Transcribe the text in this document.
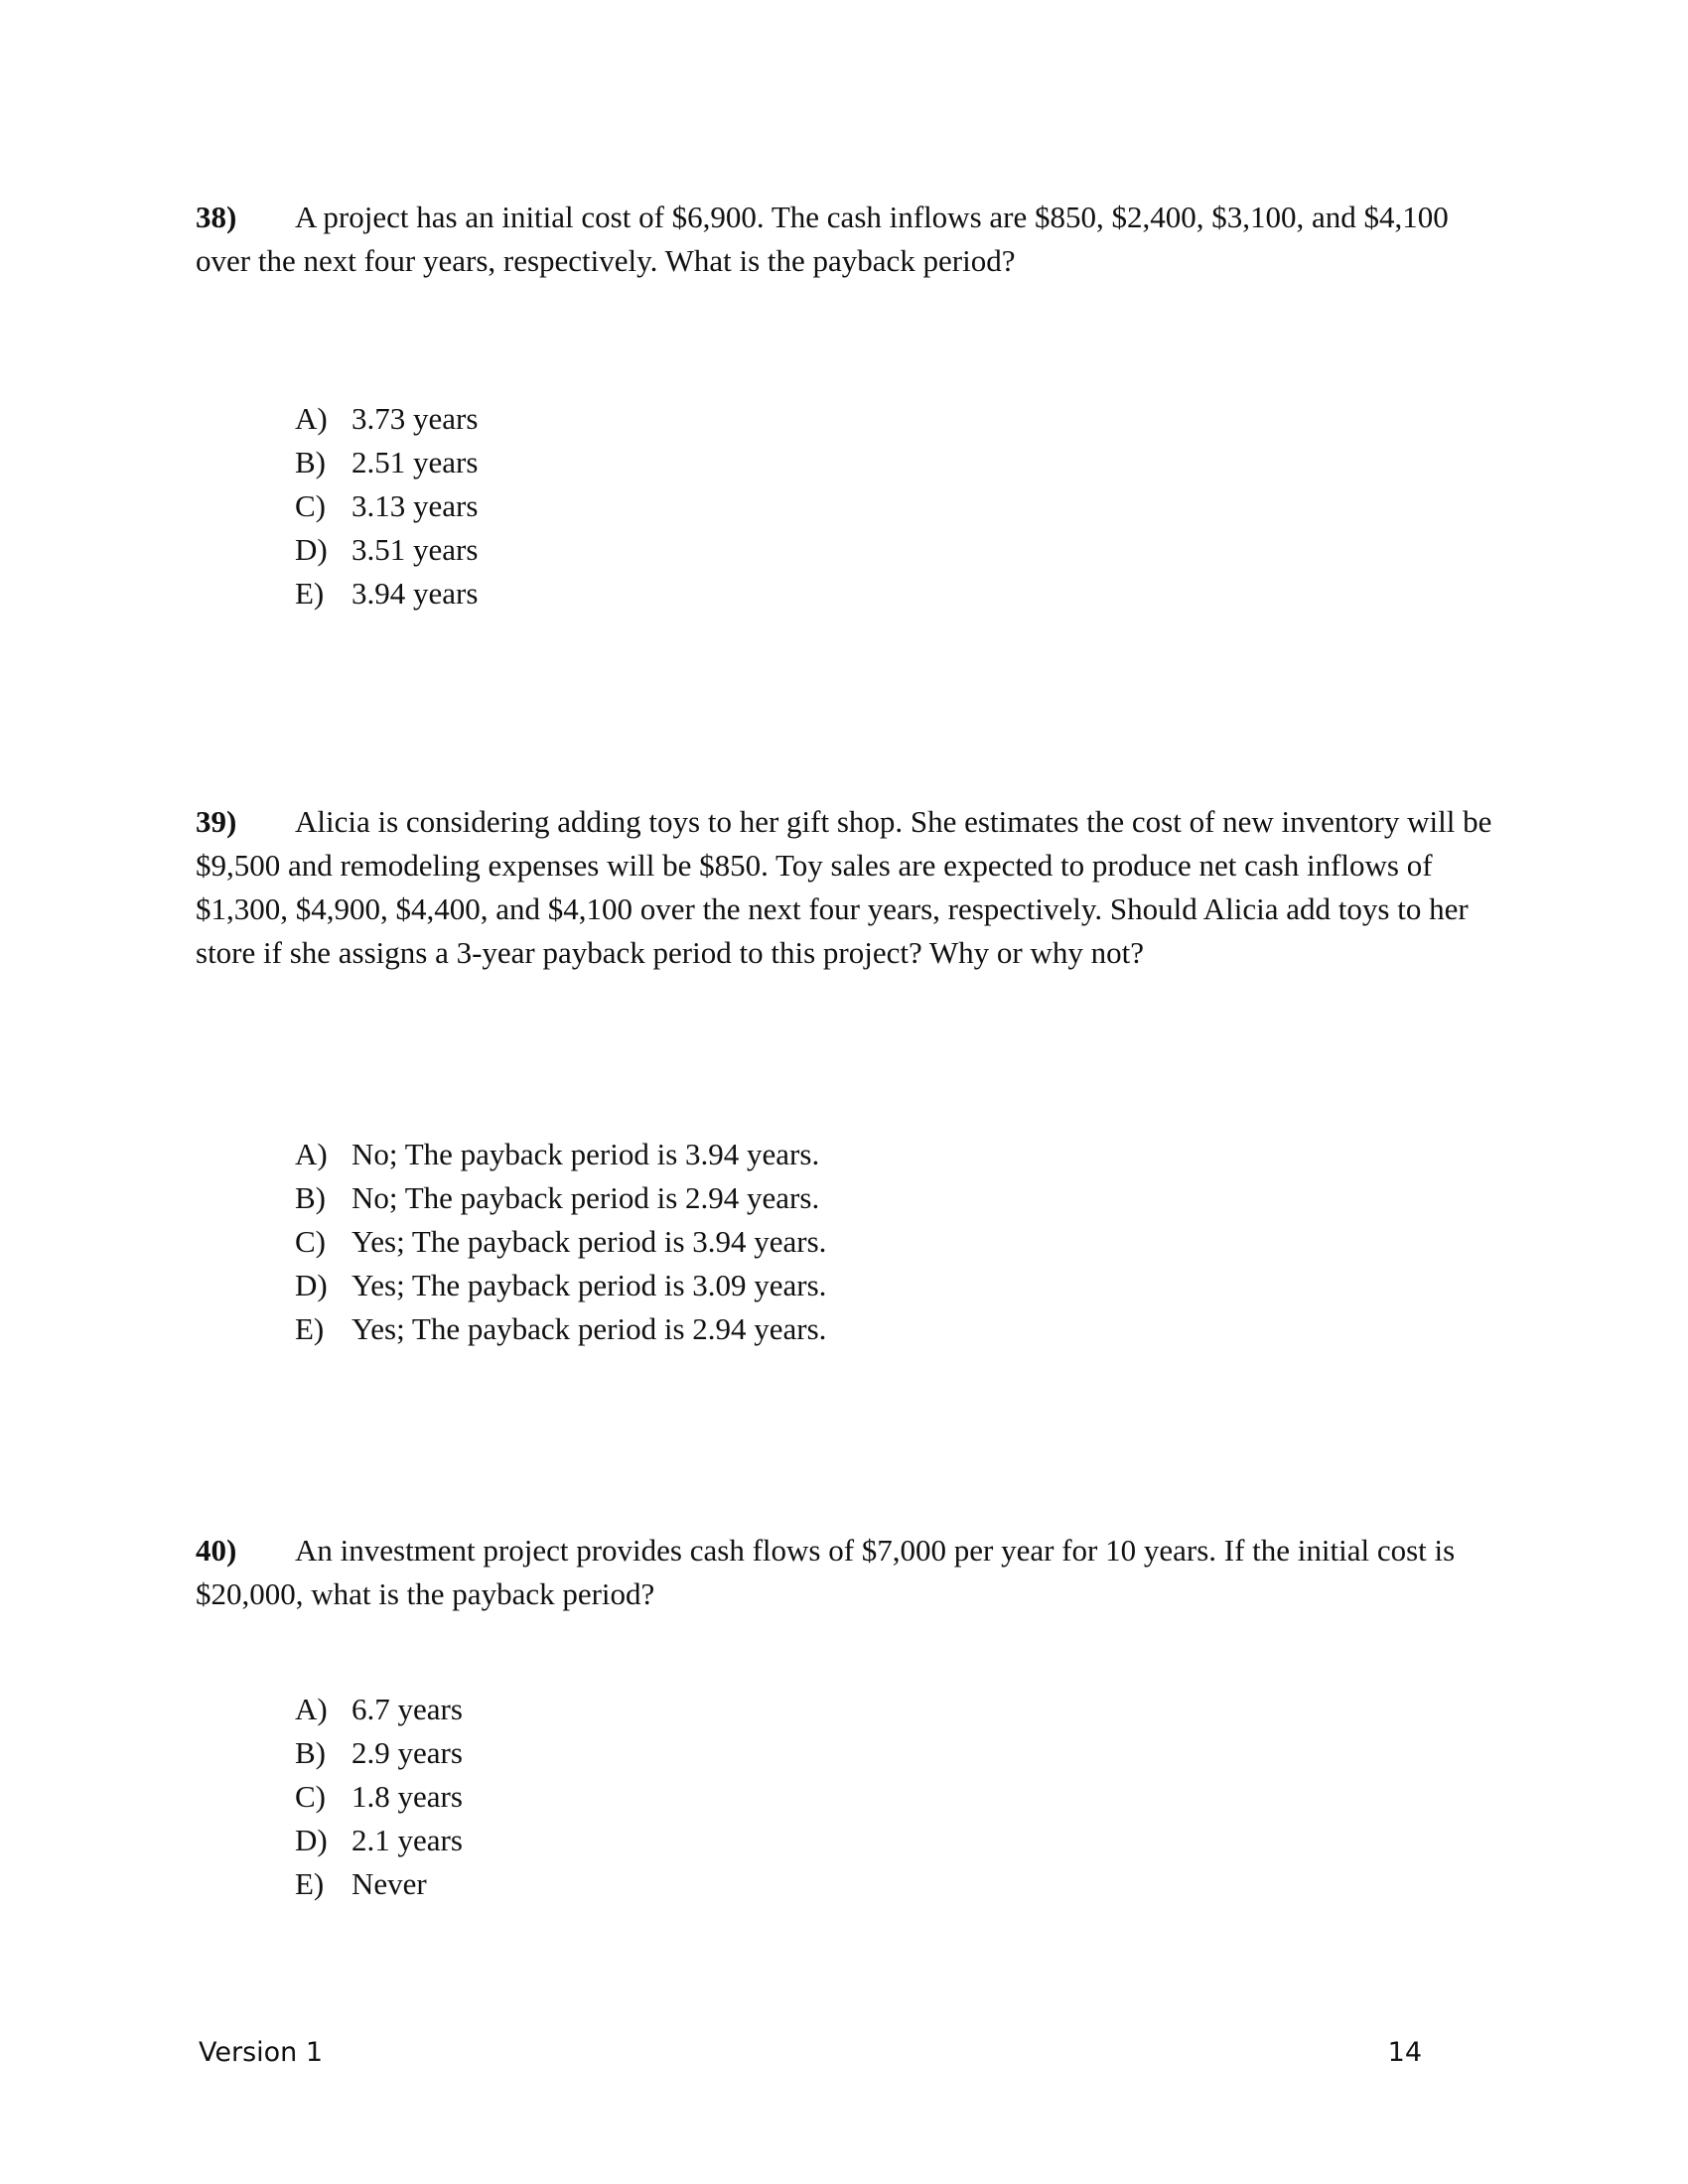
38) A project has an initial cost of $6,900. The cash inflows are $850, $2,400, $3,100, and $4,100 over the next four years, respectively. What is the payback period?

A) 3.73 years
B) 2.51 years
C) 3.13 years
D) 3.51 years
E) 3.94 years

39) Alicia is considering adding toys to her gift shop. She estimates the cost of new inventory will be $9,500 and remodeling expenses will be $850. Toy sales are expected to produce net cash inflows of $1,300, $4,900, $4,400, and $4,100 over the next four years, respectively. Should Alicia add toys to her store if she assigns a 3-year payback period to this project? Why or why not?

A) No; The payback period is 3.94 years.
B) No; The payback period is 2.94 years.
C) Yes; The payback period is 3.94 years.
D) Yes; The payback period is 3.09 years.
E) Yes; The payback period is 2.94 years.

40) An investment project provides cash flows of $7,000 per year for 10 years. If the initial cost is $20,000, what is the payback period?

A) 6.7 years
B) 2.9 years
C) 1.8 years
D) 2.1 years
E) Never
Version 1	14
